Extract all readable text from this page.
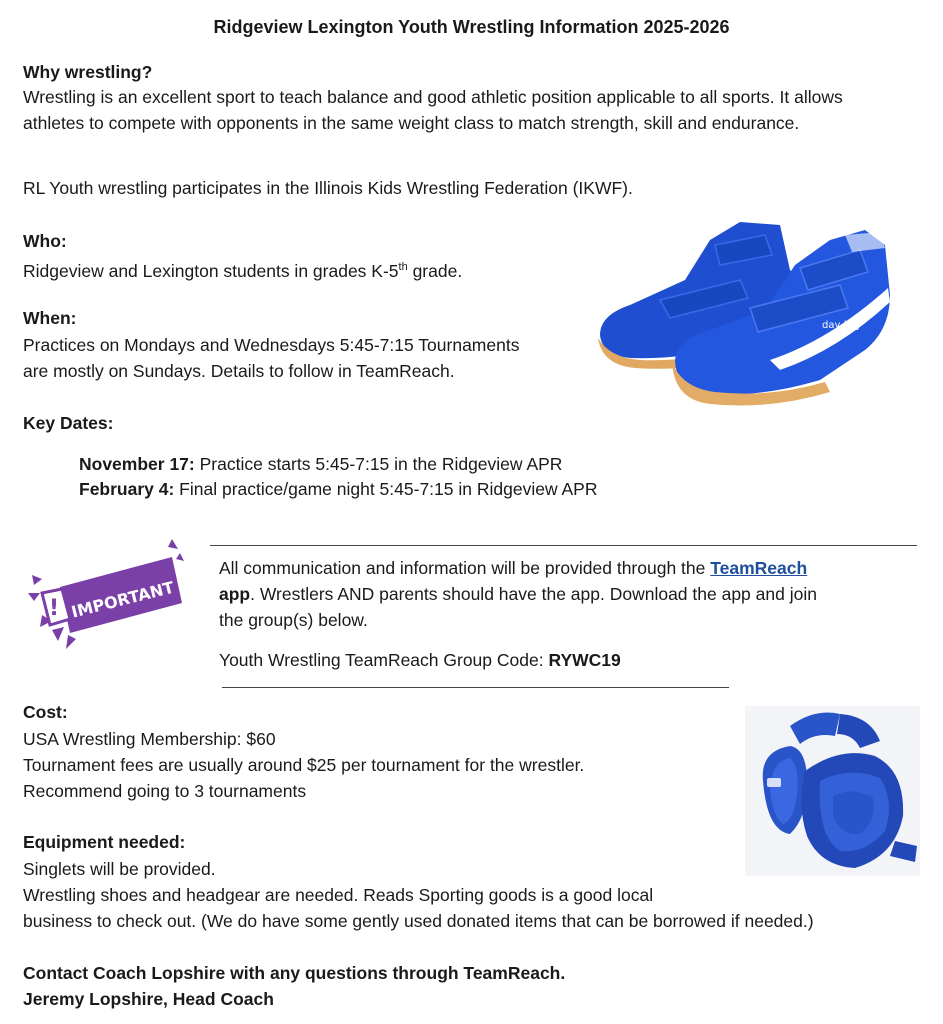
Ridgeview Lexington Youth Wrestling Information 2025-2026
Why wrestling?
Wrestling is an excellent sport to teach balance and good athletic position applicable to all sports. It allows athletes to compete with opponents in the same weight class to match strength, skill and endurance.
RL Youth wrestling participates in the Illinois Kids Wrestling Federation (IKWF).
Who:
Ridgeview and Lexington students in grades K-5th grade.
When:
Practices on Mondays and Wednesdays 5:45-7:15 Tournaments
are mostly on Sundays. Details to follow in TeamReach.
day-key
Key Dates:
November 17: Practice starts 5:45-7:15 in the Ridgeview APR
February 4: Final practice/game night 5:45-7:15 in Ridgeview APR
! IMPORTANT
All communication and information will be provided through the TeamReach
app. Wrestlers AND parents should have the app. Download the app and join
the group(s) below.
Youth Wrestling TeamReach Group Code: RYWC19
Cost:
USA Wrestling Membership: $60
Tournament fees are usually around $25 per tournament for the wrestler.
Recommend going to 3 tournaments
Equipment needed:
Singlets will be provided.
Wrestling shoes and headgear are needed. Reads Sporting goods is a good local
business to check out. (We do have some gently used donated items that can be borrowed if needed.)
Contact Coach Lopshire with any questions through TeamReach.
Jeremy Lopshire, Head Coach
